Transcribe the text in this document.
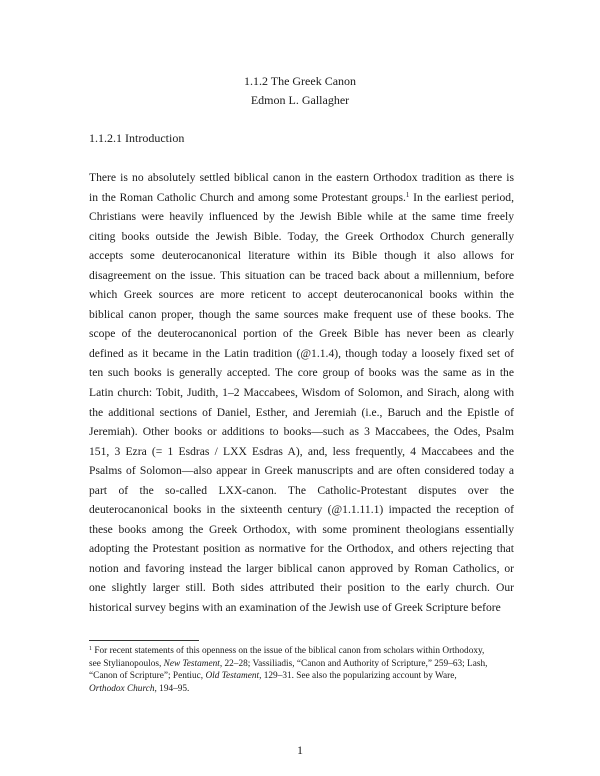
1.1.2 The Greek Canon
Edmon L. Gallagher
1.1.2.1 Introduction
There is no absolutely settled biblical canon in the eastern Orthodox tradition as there is
in the Roman Catholic Church and among some Protestant groups.$^1$ In the earliest period,
Christians were heavily influenced by the Jewish Bible while at the same time freely
citing books outside the Jewish Bible. Today, the Greek Orthodox Church generally
accepts some deuterocanonical literature within its Bible though it also allows for
disagreement on the issue. This situation can be traced back about a millennium, before
which Greek sources are more reticent to accept deuterocanonical books within the
biblical canon proper, though the same sources make frequent use of these books. The
scope of the deuterocanonical portion of the Greek Bible has never been as clearly
defined as it became in the Latin tradition (@1.1.4), though today a loosely fixed set of
ten such books is generally accepted. The core group of books was the same as in the
Latin church: Tobit, Judith, 1–2 Maccabees, Wisdom of Solomon, and Sirach, along with
the additional sections of Daniel, Esther, and Jeremiah (i.e., Baruch and the Epistle of
Jeremiah). Other books or additions to books—such as 3 Maccabees, the Odes, Psalm
151, 3 Ezra (= 1 Esdras / LXX Esdras A), and, less frequently, 4 Maccabees and the
Psalms of Solomon—also appear in Greek manuscripts and are often considered today a
part of the so-called LXX-canon. The Catholic-Protestant disputes over the
deuterocanonical books in the sixteenth century (@1.1.11.1) impacted the reception of
these books among the Greek Orthodox, with some prominent theologians essentially
adopting the Protestant position as normative for the Orthodox, and others rejecting that
notion and favoring instead the larger biblical canon approved by Roman Catholics, or
one slightly larger still. Both sides attributed their position to the early church. Our
historical survey begins with an examination of the Jewish use of Greek Scripture before
$^1$ For recent statements of this openness on the issue of the biblical canon from scholars within Orthodoxy,
see Stylianopoulos, New Testament, 22–28; Vassiliadis, “Canon and Authority of Scripture,” 259–63; Lash,
“Canon of Scripture”; Pentiuc, Old Testament, 129–31. See also the popularizing account by Ware,
Orthodox Church, 194–95.
1
